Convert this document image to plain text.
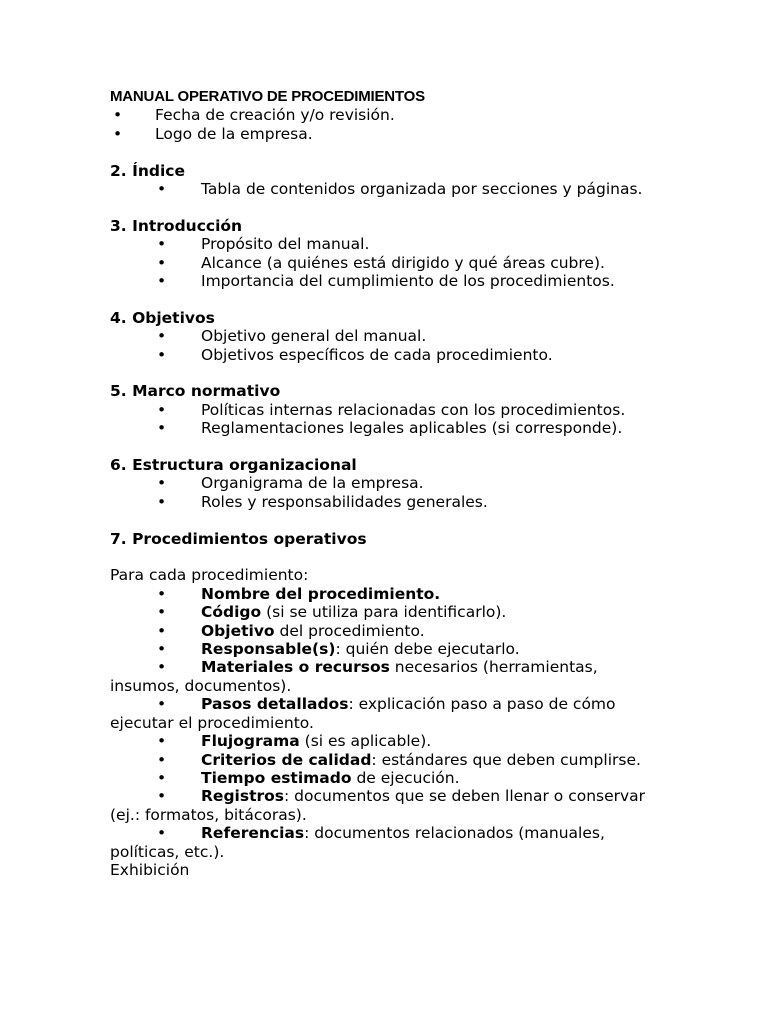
MANUAL OPERATIVO DE PROCEDIMIENTOS
• Fecha de creación y/o revisión.
• Logo de la empresa.
2. Índice
• Tabla de contenidos organizada por secciones y páginas.
3. Introducción
• Propósito del manual.
• Alcance (a quiénes está dirigido y qué áreas cubre).
• Importancia del cumplimiento de los procedimientos.
4. Objetivos
• Objetivo general del manual.
• Objetivos específicos de cada procedimiento.
5. Marco normativo
• Políticas internas relacionadas con los procedimientos.
• Reglamentaciones legales aplicables (si corresponde).
6. Estructura organizacional
• Organigrama de la empresa.
• Roles y responsabilidades generales.
7. Procedimientos operativos
Para cada procedimiento:
• Nombre del procedimiento.
• Código (si se utiliza para identificarlo).
• Objetivo del procedimiento.
• Responsable(s): quién debe ejecutarlo.
• Materiales o recursos necesarios (herramientas, insumos, documentos).
• Pasos detallados: explicación paso a paso de cómo ejecutar el procedimiento.
• Flujograma (si es aplicable).
• Criterios de calidad: estándares que deben cumplirse.
• Tiempo estimado de ejecución.
• Registros: documentos que se deben llenar o conservar (ej.: formatos, bitácoras).
• Referencias: documentos relacionados (manuales, políticas, etc.).
Exhibición
